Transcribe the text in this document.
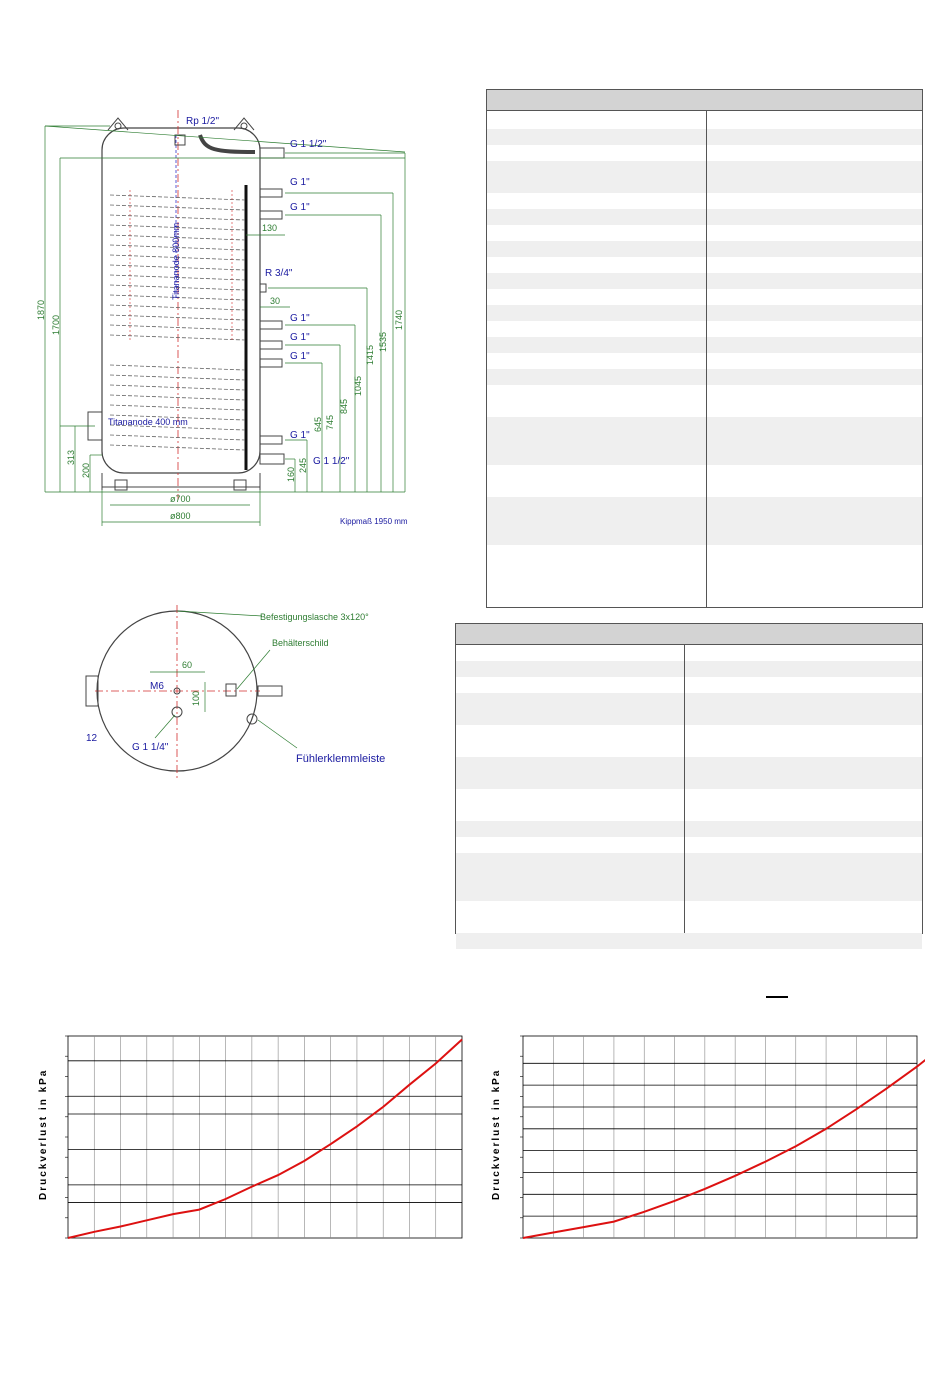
130
30
1870
1700
313
200	160
245
645 745
845
1045
1415
1535
1740
ø700
ø800
Rp 1/2"
G 1 1/2"
G 1"
G 1"
R 3/4"
G 1"
G 1"
G 1"
G 1"
G 1 1/2"
Titananode 800mm
Titananode 400 mm
Kippmaß 1950 mm
Befestigungslasche 3x120°
Behälterschild
60
M6
100
12
G 1 1/4"
Fühlerklemmleiste
Druckverlust in kPa	Druckverlust in kPa
